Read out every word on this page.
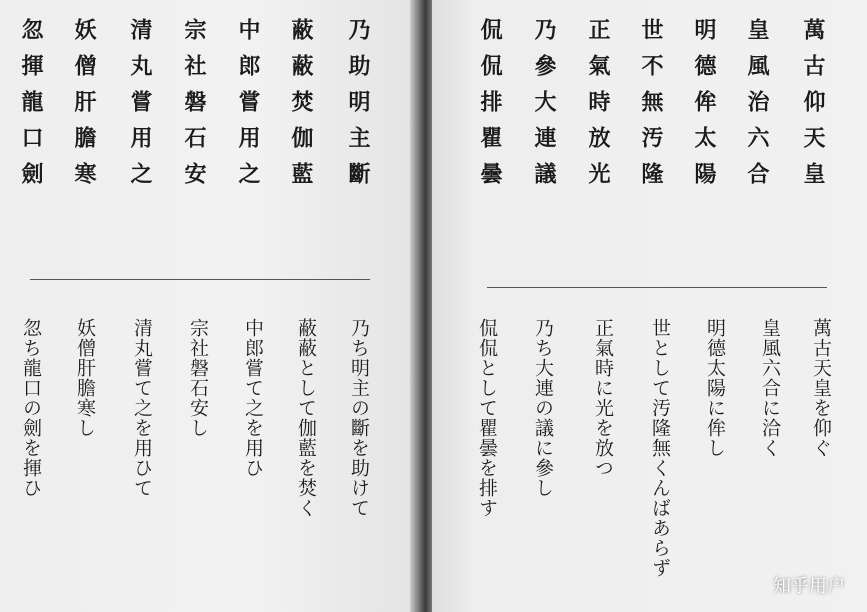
乃助明主斷
蔽蔽焚伽藍
中郎嘗用之
宗社磐石安
清丸嘗用之
妖僧肝膽寒
忽揮龍口劍
乃ち明主の斷を助けて
蔽蔽として伽藍を焚く
中郎嘗て之を用ひ
宗社磐石安し
清丸嘗て之を用ひて
妖僧肝膽寒し
忽ち龍口の劍を揮ひ
萬古仰天皇
皇風治六合
明德侔太陽
世不無汚隆
正氣時放光
乃參大連議
侃侃排瞿曇
萬古天皇を仰ぐ
皇風六合に洽く
明德太陽に侔し
世として汚隆無くんばあらず
正氣時に光を放つ
乃ち大連の議に參し
侃侃として瞿曇を排す
知乎用户
